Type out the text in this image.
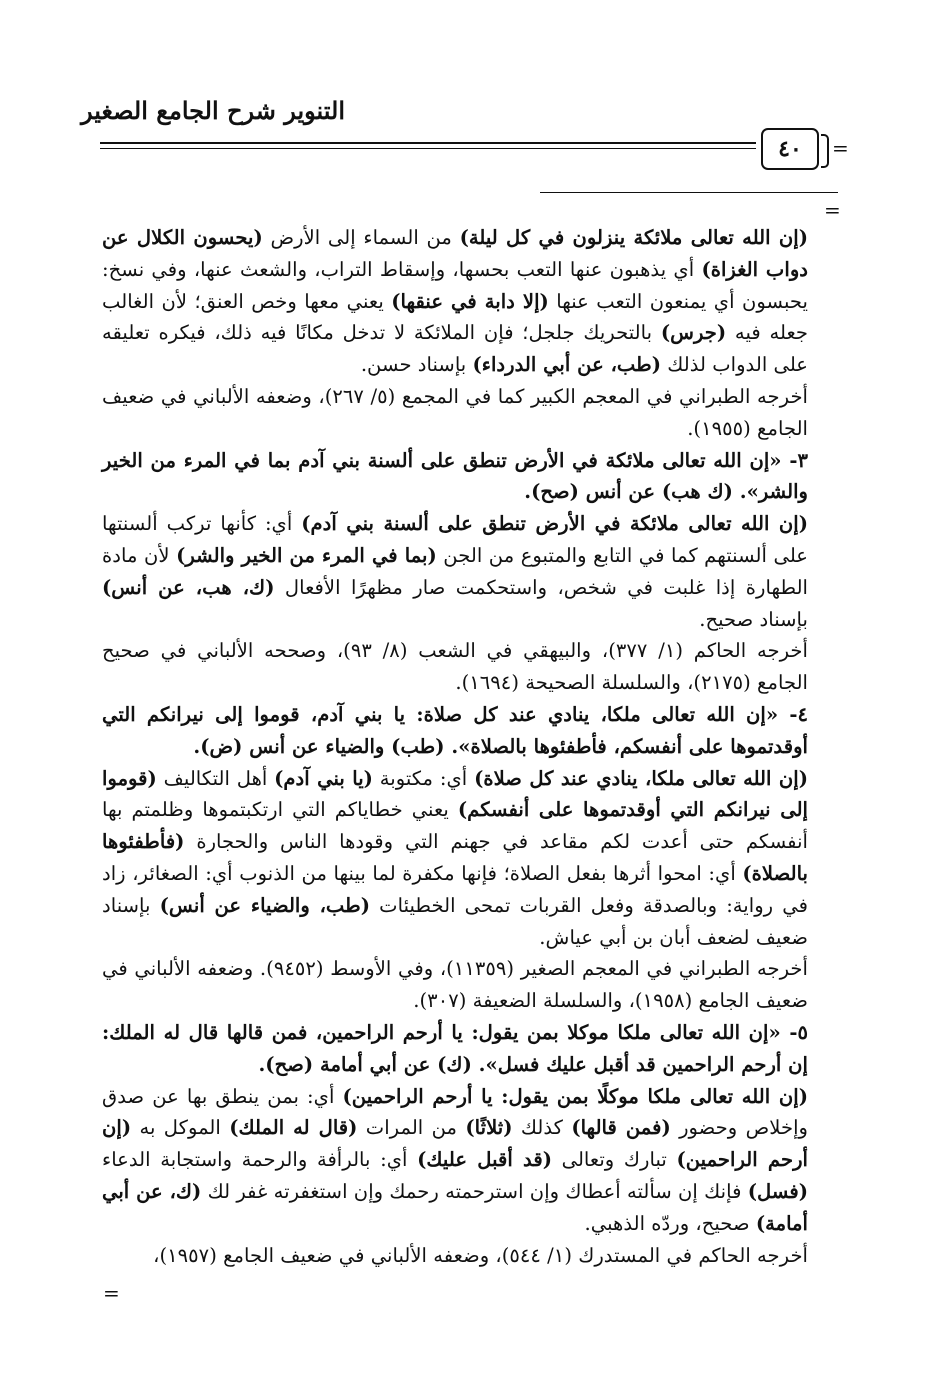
التنوير شرح الجامع الصغير
٤٠ =
=

(إن الله تعالى ملائكة ينزلون في كل ليلة) من السماء إلى الأرض (يحسون الكلال عن دواب الغزاة) أي يذهبون عنها التعب بحسها، وإسقاط التراب، والشعث عنها، وفي نسخ: يحبسون أي يمنعون التعب عنها (إلا دابة في عنقها) يعني معها وخص العنق؛ لأن الغالب جعله فيه (جرس) بالتحريك جلجل؛ فإن الملائكة لا تدخل مكانًا فيه ذلك، فيكره تعليقه على الدواب لذلك (طب، عن أبي الدرداء) بإسناد حسن.

أخرجه الطبراني في المعجم الكبير كما في المجمع (٥/ ٢٦٧)، وضعفه الألباني في ضعيف الجامع (١٩٥٥).

٣- «إن الله تعالى ملائكة في الأرض تنطق على ألسنة بني آدم بما في المرء من الخير والشر». (ك هب) عن أنس (صح).

(إن الله تعالى ملائكة في الأرض تنطق على ألسنة بني آدم) أي: كأنها تركب ألسنتها على ألسنتهم كما في التابع والمتبوع من الجن (بما في المرء من الخير والشر) لأن مادة الطهارة إذا غلبت في شخص، واستحكمت صار مظهرًا الأفعال (ك، هب، عن أنس) بإسناد صحيح.

أخرجه الحاكم (١/ ٣٧٧)، والبيهقي في الشعب (٨/ ٩٣)، وصححه الألباني في صحيح الجامع (٢١٧٥)، والسلسلة الصحيحة (١٦٩٤).

٤- «إن الله تعالى ملكا، ينادي عند كل صلاة: يا بني آدم، قوموا إلى نيرانكم التي أوقدتموها على أنفسكم، فأطفئوها بالصلاة». (طب) والضياء عن أنس (ض).

(إن الله تعالى ملكا، ينادي عند كل صلاة) أي: مكتوبة (يا بني آدم) أهل التكاليف (قوموا إلى نيرانكم التي أوقدتموها على أنفسكم) يعني خطاياكم التي ارتكبتموها وظلمتم بها أنفسكم حتى أعدت لكم مقاعد في جهنم التي وقودها الناس والحجارة (فأطفئوها بالصلاة) أي: امحوا أثرها بفعل الصلاة؛ فإنها مكفرة لما بينها من الذنوب أي: الصغائر، زاد في رواية: وبالصدقة وفعل القربات تمحى الخطيئات (طب، والضياء عن أنس) بإسناد ضعيف لضعف أبان بن أبي عياش.

أخرجه الطبراني في المعجم الصغير (١١٣٥٩)، وفي الأوسط (٩٤٥٢). وضعفه الألباني في ضعيف الجامع (١٩٥٨)، والسلسلة الضعيفة (٣٠٧).

٥- «إن الله تعالى ملكا موكلا بمن يقول: يا أرحم الراحمين، فمن قالها قال له الملك: إن أرحم الراحمين قد أقبل عليك فسل». (ك) عن أبي أمامة (صح).

(إن الله تعالى ملكا موكلًا بمن يقول: يا أرحم الراحمين) أي: بمن ينطق بها عن صدق وإخلاص وحضور (فمن قالها) كذلك (ثلاثًا) من المرات (قال له الملك) الموكل به (إن أرحم الراحمين) تبارك وتعالى (قد أقبل عليك) أي: بالرأفة والرحمة واستجابة الدعاء (فسل) فإنك إن سألته أعطاك وإن استرحمته رحمك وإن استغفرته غفر لك (ك، عن أبي أمامة) صحيح، وردّه الذهبي.

أخرجه الحاكم في المستدرك (١/ ٥٤٤)، وضعفه الألباني في ضعيف الجامع (١٩٥٧)،

=
